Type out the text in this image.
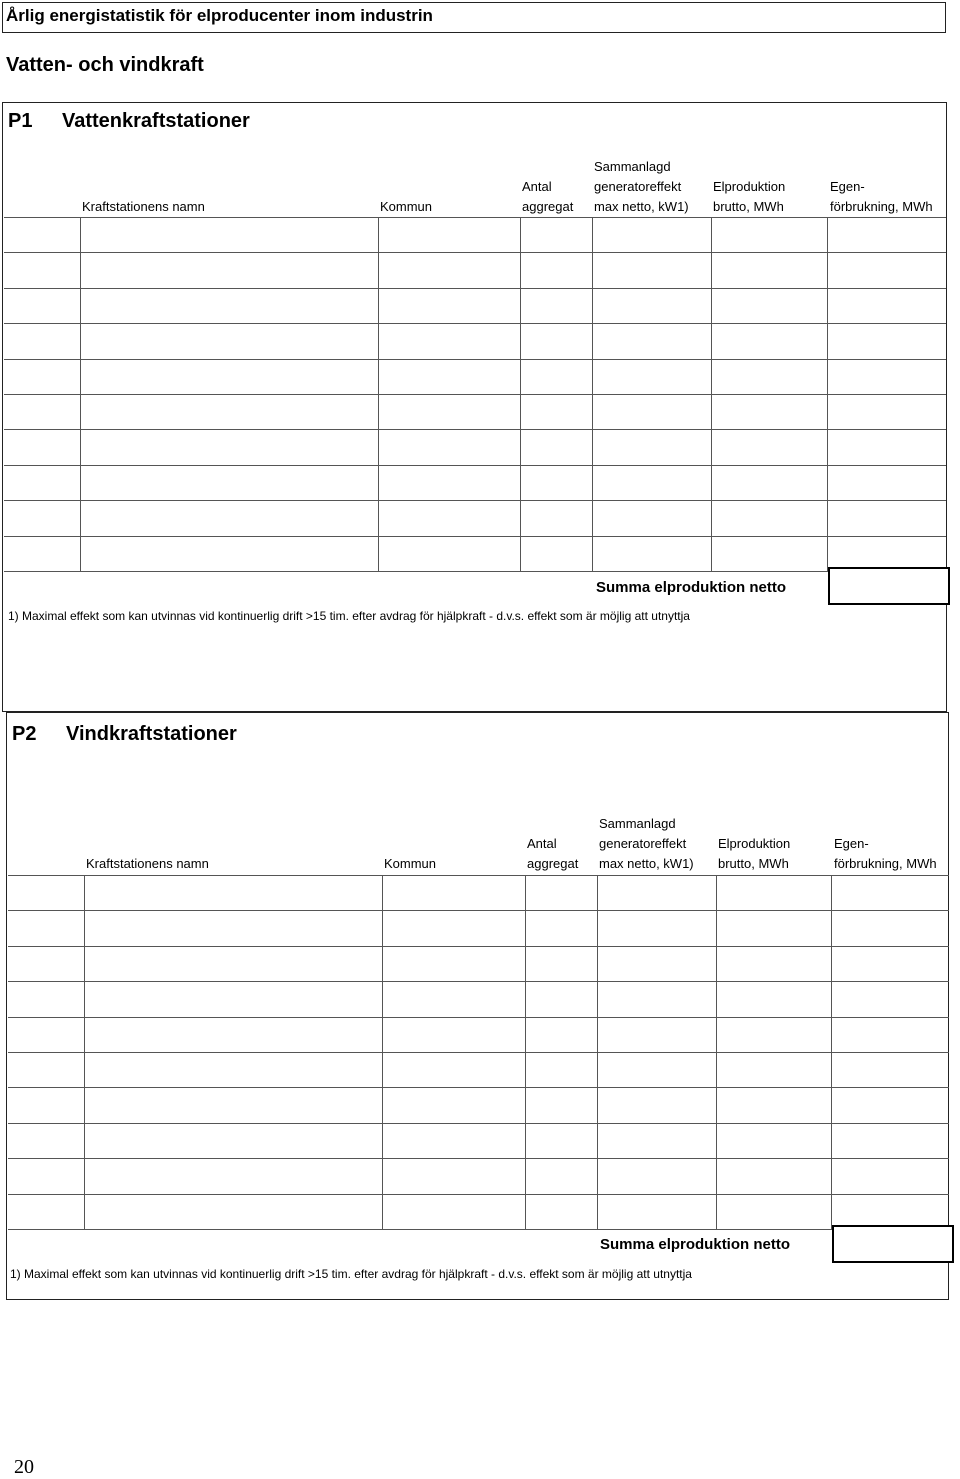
Årlig energistatistik för elproducenter inom industrin
Vatten- och vindkraft
P1 Vattenkraftstationer
Kraftstationens namn	Kommun
Antal
aggregat
Sammanlagd
generatoreffekt
max netto, kW1)
Elproduktion
brutto, MWh
Egen-
förbrukning, MWh
Summa elproduktion netto
1) Maximal effekt som kan utvinnas vid kontinuerlig drift >15 tim. efter avdrag för hjälpkraft - d.v.s. effekt som är möjlig att utnyttja
P2 Vindkraftstationer
Kraftstationens namn	Kommun
Antal
aggregat
Sammanlagd
generatoreffekt
max netto, kW1)
Elproduktion
brutto, MWh
Egen-
förbrukning, MWh
Summa elproduktion netto
1) Maximal effekt som kan utvinnas vid kontinuerlig drift >15 tim. efter avdrag för hjälpkraft - d.v.s. effekt som är möjlig att utnyttja
20
